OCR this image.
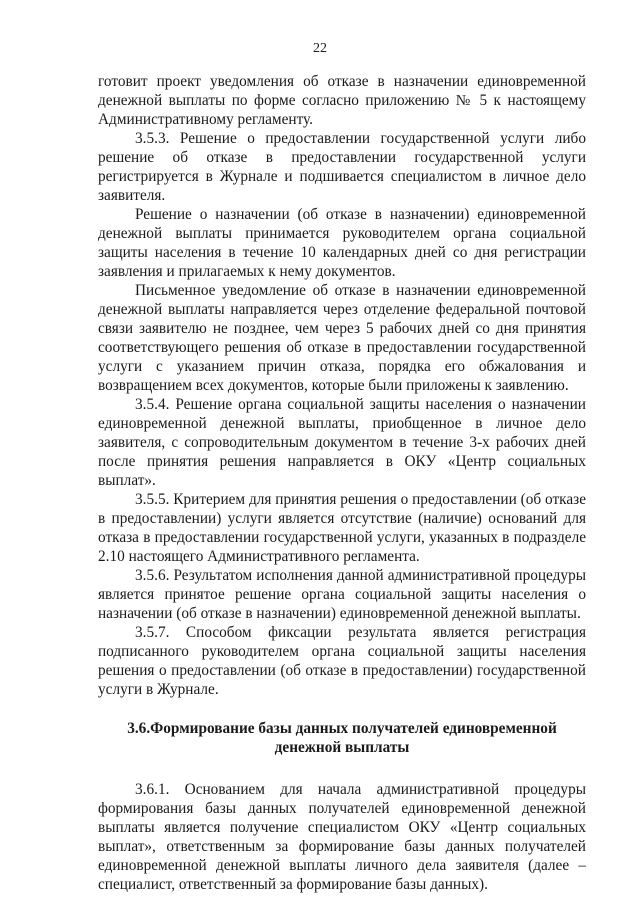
22

готовит проект уведомления об отказе в назначении единовременной денежной выплаты по форме согласно приложению № 5 к настоящему Административному регламенту.

3.5.3. Решение о предоставлении государственной услуги либо решение об отказе в предоставлении государственной услуги регистрируется в Журнале и подшивается специалистом в личное дело заявителя.

Решение о назначении (об отказе в назначении) единовременной денежной выплаты принимается руководителем органа социальной защиты населения в течение 10 календарных дней со дня регистрации заявления и прилагаемых к нему документов.

Письменное уведомление об отказе в назначении единовременной денежной выплаты направляется через отделение федеральной почтовой связи заявителю не позднее, чем через 5 рабочих дней со дня принятия соответствующего решения об отказе в предоставлении государственной услуги с указанием причин отказа, порядка его обжалования и возвращением всех документов, которые были приложены к заявлению.

3.5.4. Решение органа социальной защиты населения о назначении единовременной денежной выплаты, приобщенное в личное дело заявителя, с сопроводительным документом в течение 3-х рабочих дней после принятия решения направляется в ОКУ «Центр социальных выплат».

3.5.5. Критерием для принятия решения о предоставлении (об отказе в предоставлении) услуги является отсутствие (наличие) оснований для отказа в предоставлении государственной услуги, указанных в подразделе 2.10 настоящего Административного регламента.

3.5.6. Результатом исполнения данной административной процедуры является принятое решение органа социальной защиты населения о назначении (об отказе в назначении) единовременной денежной выплаты.

3.5.7. Способом фиксации результата является регистрация подписанного руководителем органа социальной защиты населения решения о предоставлении (об отказе в предоставлении) государственной услуги в Журнале.

3.6.Формирование базы данных получателей единовременной денежной выплаты

3.6.1. Основанием для начала административной процедуры формирования базы данных получателей единовременной денежной выплаты является получение специалистом ОКУ «Центр социальных выплат», ответственным за формирование базы данных получателей единовременной денежной выплаты личного дела заявителя (далее – специалист, ответственный за формирование базы данных).
